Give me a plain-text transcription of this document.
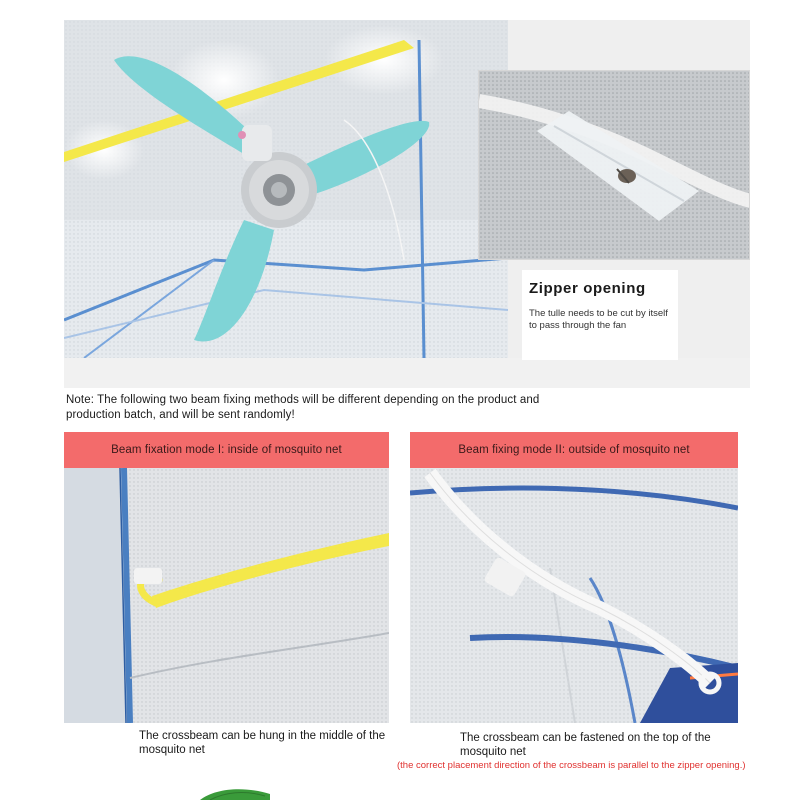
Zipper opening
The tulle needs to be cut by itself to pass through the fan
Note: The following two beam fixing methods will be different depending on the product and production batch, and will be sent randomly!
Beam fixation mode I: inside of mosquito net	Beam fixing mode II: outside of mosquito net
The crossbeam can be hung in the middle of the mosquito net
The crossbeam can be fastened on the top of the mosquito net
(the correct placement direction of the crossbeam is parallel to the zipper opening.)
